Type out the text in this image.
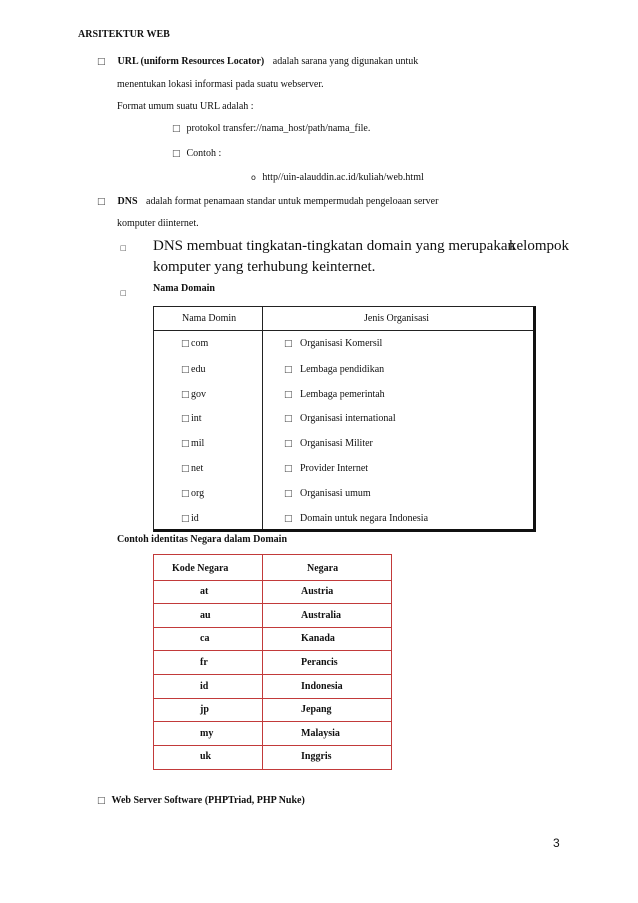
ARSITEKTUR WEB
□ URL (uniform Resources Locator) adalah sarana yang digunakan untuk
menentukan lokasi informasi pada suatu webserver.
Format umum suatu URL adalah :
□ protokol transfer://nama_host/path/nama_file.
□ Contoh :
o http//uin-alauddin.ac.id/kuliah/web.html
□ DNS adalah format penamaan standar untuk mempermudah pengeloaan server
komputer diinternet.
□ DNS membuat tingkatan-tingkatan domain yang merupakan
kelompok
komputer yang terhubung keinternet.
□	Nama Domain
Nama Domin	Jenis Organisasi
□com	□ Organisasi Komersil
□edu	□ Lembaga pendidikan
□gov	□ Lembaga pemerintah
□int	□ Organisasi international
□mil	□ Organisasi Militer
□net	□ Provider Internet
□org	□ Organisasi umum
□id	□ Domain untuk negara Indonesia
Contoh identitas Negara dalam Domain
Kode Negara	Negara
at	Austria
au	Australia
ca	Kanada
fr	Perancis
id	Indonesia
jp	Jepang
my	Malaysia
uk	Inggris
□ Web Server Software (PHPTriad, PHP Nuke)
3
